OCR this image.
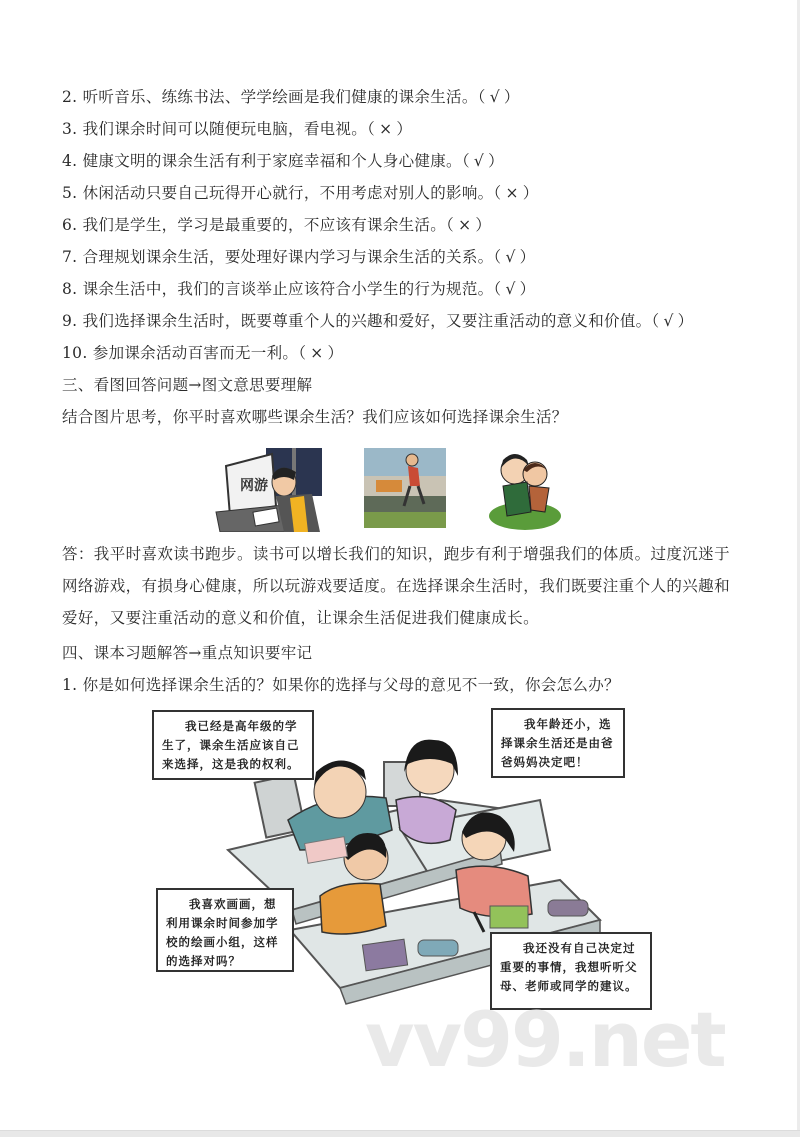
2. 听听音乐、练练书法、学学绘画是我们健康的课余生活。（ √ ）
3. 我们课余时间可以随便玩电脑，看电视。（ × ）
4. 健康文明的课余生活有利于家庭幸福和个人身心健康。（ √ ）
5. 休闲活动只要自己玩得开心就行，不用考虑对别人的影响。（ × ）
6. 我们是学生，学习是最重要的，不应该有课余生活。（ × ）
7. 合理规划课余生活，要处理好课内学习与课余生活的关系。（ √ ）
8. 课余生活中，我们的言谈举止应该符合小学生的行为规范。（ √ ）
9. 我们选择课余生活时，既要尊重个人的兴趣和爱好，又要注重活动的意义和价值。（ √ ）
10. 参加课余活动百害而无一利。（ × ）
三、看图回答问题→图文意思要理解
结合图片思考，你平时喜欢哪些课余生活？我们应该如何选择课余生活？
网游
答：我平时喜欢读书跑步。读书可以增长我们的知识，跑步有利于增强我们的体质。过度沉迷于网络游戏，有损身心健康，所以玩游戏要适度。在选择课余生活时，我们既要注重个人的兴趣和爱好，又要注重活动的意义和价值，让课余生活促进我们健康成长。
四、课本习题解答→重点知识要牢记
1. 你是如何选择课余生活的？如果你的选择与父母的意见不一致，你会怎么办？
我已经是高年级的学生了，课余生活应该自己来选择，这是我的权利。
我年龄还小，选择课余生活还是由爸爸妈妈决定吧！
我喜欢画画，想利用课余时间参加学校的绘画小组，这样的选择对吗？
我还没有自己决定过重要的事情，我想听听父母、老师或同学的建议。
vv99.net
